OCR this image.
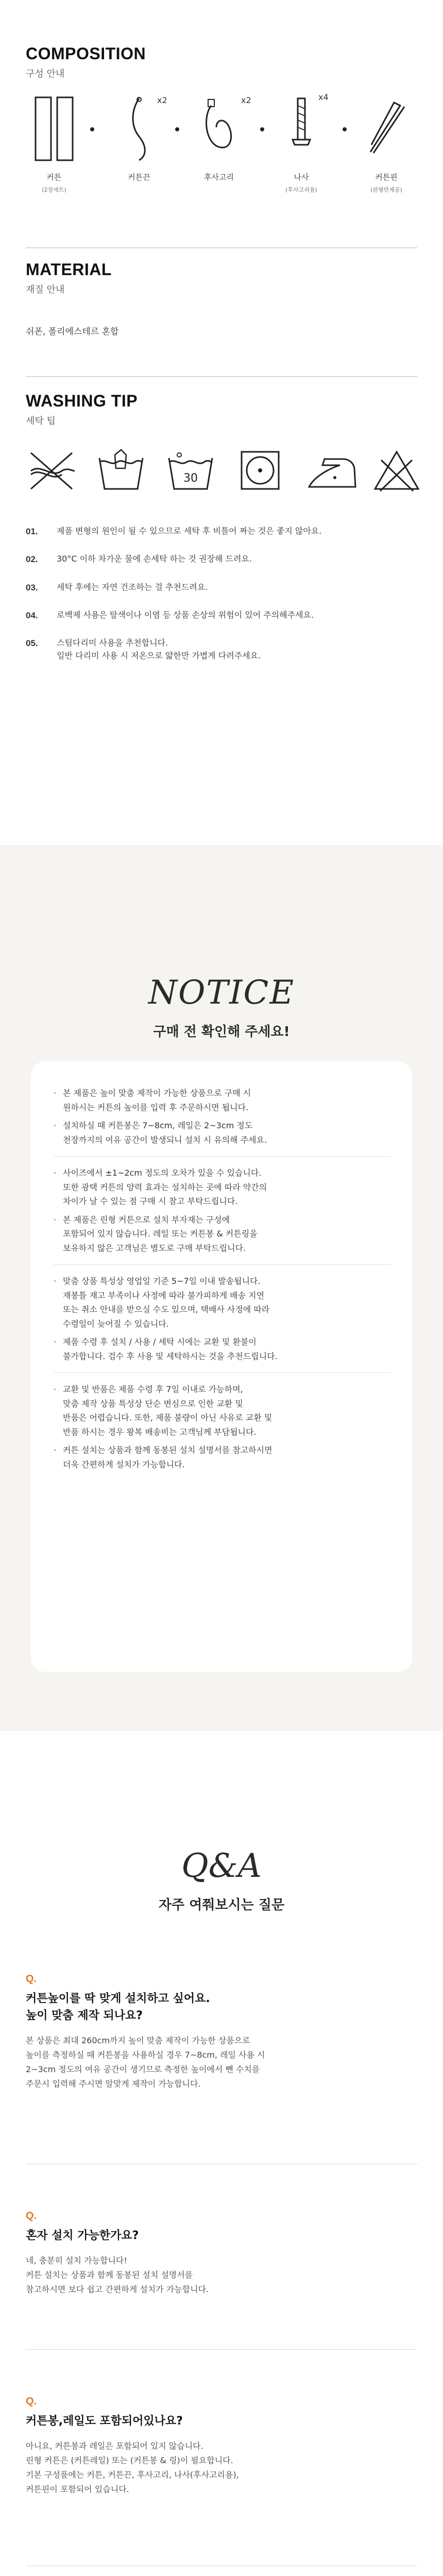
COMPOSITION
구성 안내
커튼
(2장세트)
커튼끈
x2
후사고리
x2
나사
(후사고리용)
x4
커튼핀
(판형만제공)
MATERIAL
재질 안내
쉬폰, 폴리에스테르 혼합
WASHING TIP
세탁 팁
30
01.	제품 변형의 원인이 될 수 있으므로 세탁 후 비틀어 짜는 것은 좋지 않아요.
02.	30°C 이하 차가운 물에 손세탁 하는 것 권장해 드려요.
03.	세탁 후에는 자연 건조하는 걸 추천드려요.
04.	로백제 사용은 탈색이나 이염 등 상품 손상의 위험이 있어 주의해주세요.
05.	스팀다리미 사용을 추천합니다.
일반 다리미 사용 시 저온으로 얇한만 가볍게 다려주세요.
NOTICE
구매 전 확인해 주세요!
· 본 제품은 높이 맞춤 제작이 가능한 상품으로 구매 시
원하시는 커튼의 높이를 입력 후 주문하시면 됩니다.
· 설치하실 때 커튼봉은 7~8cm, 레일은 2~3cm 정도
천장까지의 여유 공간이 발생되니 설치 시 유의해 주세요.
· 사이즈에서 ±1~2cm 정도의 오차가 있을 수 있습니다.
또한 광택 커튼의 양력 효과는 설치하는 곳에 따라 약간의
차이가 날 수 있는 점 구매 시 참고 부탁드립니다.
· 본 제품은 린형 커튼으로 설치 부자재는 구성에
포함되어 있지 않습니다. 레일 또는 커튼봉 & 커튼링을
보유하지 않은 고객님은 별도로 구매 부탁드립니다.
· 맞춤 상품 특성상 영업일 기준 5~7일 이내 발송됩니다.
재봉틀 재고 부족이나 사정에 따라 불가피하게 배송 지연
또는 취소 안내를 받으실 수도 있으며, 택배사 사정에 따라
수령일이 늦어질 수 있습니다.
· 제품 수령 후 설치 / 사용 / 세탁 시에는 교환 및 환불이
불가합니다. 검수 후 사용 및 세탁하시는 것을 추천드립니다.
· 교환 및 반품은 제품 수령 후 7일 이내로 가능하며,
맞춤 제작 상품 특성상 단순 변심으로 인한 교환 및
반품은 어렵습니다. 또한, 제품 불량이 아닌 사유로 교환 및
반품 하시는 경우 왕복 배송비는 고객님께 부담됩니다.
· 커튼 설치는 상품과 함께 동봉된 설치 설명서를 참고하시면
더욱 간편하게 설치가 가능합니다.
Q&A
자주 여쭤보시는 질문
Q.
커튼높이를 딱 맞게 설치하고 싶어요.
높이 맞춤 제작 되나요?
본 상품은 최대 260cm까지 높이 맞춤 제작이 가능한 상품으로
높이를 측정하실 때 커튼봉을 사용하실 경우 7~8cm, 레일 사용 시
2~3cm 정도의 여유 공간이 생기므로 측정한 높이에서 뺀 수치를
주문시 입력해 주시면 알맞게 제작이 가능합니다.
Q.
혼자 설치 가능한가요?
네, 충분히 설치 가능합니다!
커튼 설치는 상품과 함께 동봉된 설치 설명서를
참고하시면 보다 쉽고 간편하게 설치가 가능합니다.
Q.
커튼봉,레일도 포함되어있나요?
아니요, 커튼봉과 레일은 포함되어 있지 않습니다.
린형 커튼은 (커튼레일) 또는 (커튼봉 & 링)이 필요합니다.
기본 구성품에는 커튼, 커튼끈, 후사고리, 나사(후사고리용),
커튼핀이 포함되어 있습니다.
